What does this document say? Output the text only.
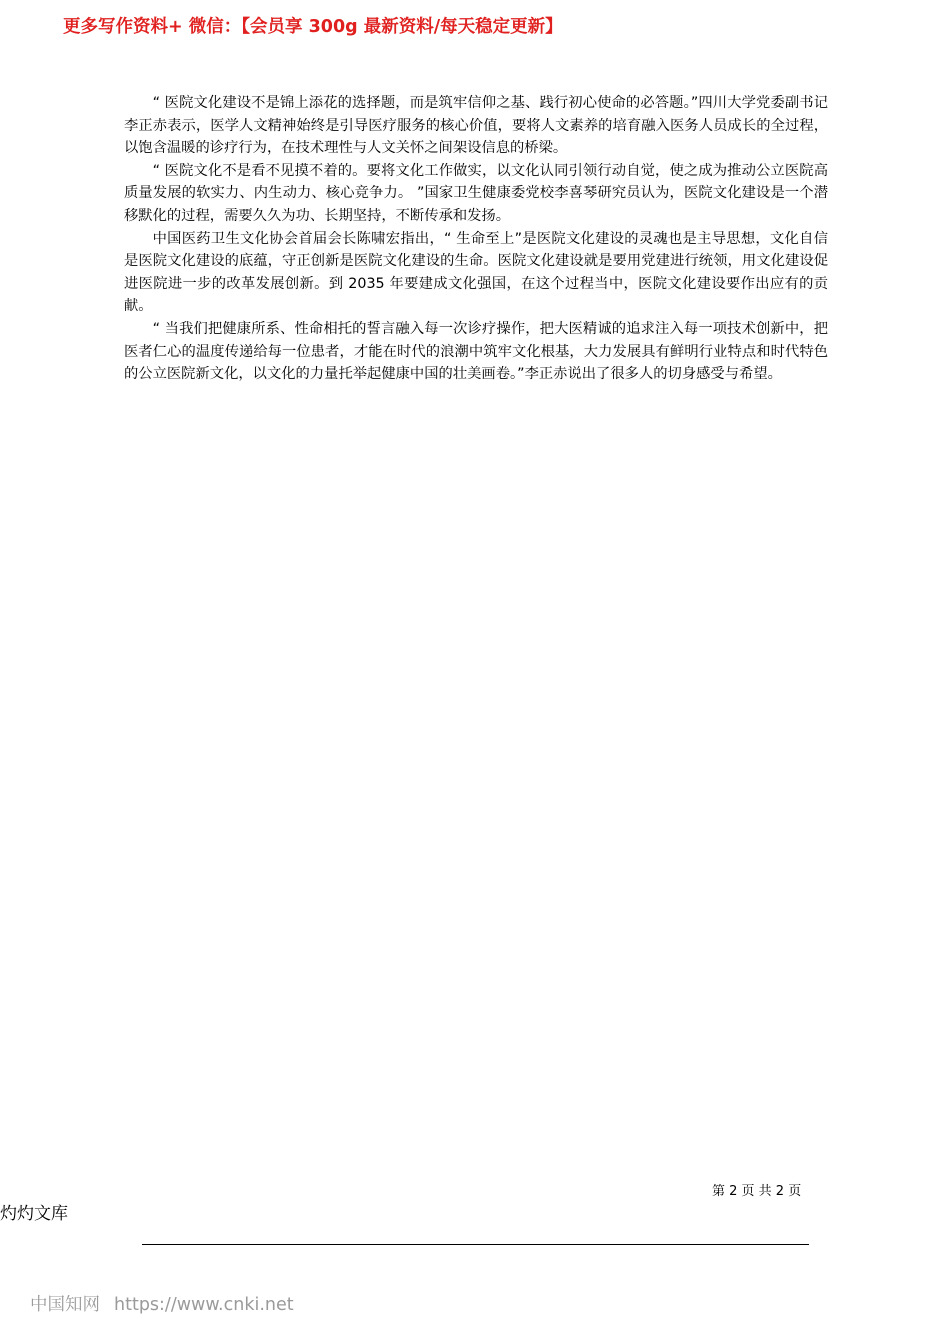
更多写作资料+ 微信：【会员享 300g 最新资料/每天稳定更新】

“ 医院文化建设不是锦上添花的选择题，而是筑牢信仰之基、践行初心使命的必答题。”四川大学党委副书记李正赤表示，医学人文精神始终是引导医疗服务的核心价值，要将人文素养的培育融入医务人员成长的全过程，以饱含温暖的诊疗行为，在技术理性与人文关怀之间架设信息的桥梁。

“ 医院文化不是看不见摸不着的。要将文化工作做实，以文化认同引领行动自觉，使之成为推动公立医院高质量发展的软实力、内生动力、核心竞争力。 ”国家卫生健康委党校李喜琴研究员认为，医院文化建设是一个潜移默化的过程，需要久久为功、长期坚持，不断传承和发扬。

中国医药卫生文化协会首届会长陈啸宏指出，“ 生命至上”是医院文化建设的灵魂也是主导思想，文化自信是医院文化建设的底蕴，守正创新是医院文化建设的生命。医院文化建设就是要用党建进行统领，用文化建设促进医院进一步的改革发展创新。到 2035 年要建成文化强国，在这个过程当中，医院文化建设要作出应有的贡献。

“ 当我们把健康所系、性命相托的誓言融入每一次诊疗操作，把大医精诚的追求注入每一项技术创新中，把医者仁心的温度传递给每一位患者，才能在时代的浪潮中筑牢文化根基，大力发展具有鲜明行业特点和时代特色的公立医院新文化，以文化的力量托举起健康中国的壮美画卷。”李正赤说出了很多人的切身感受与希望。

第 2 页 共 2 页
灼灼文库
中国知网 https://www.cnki.net
